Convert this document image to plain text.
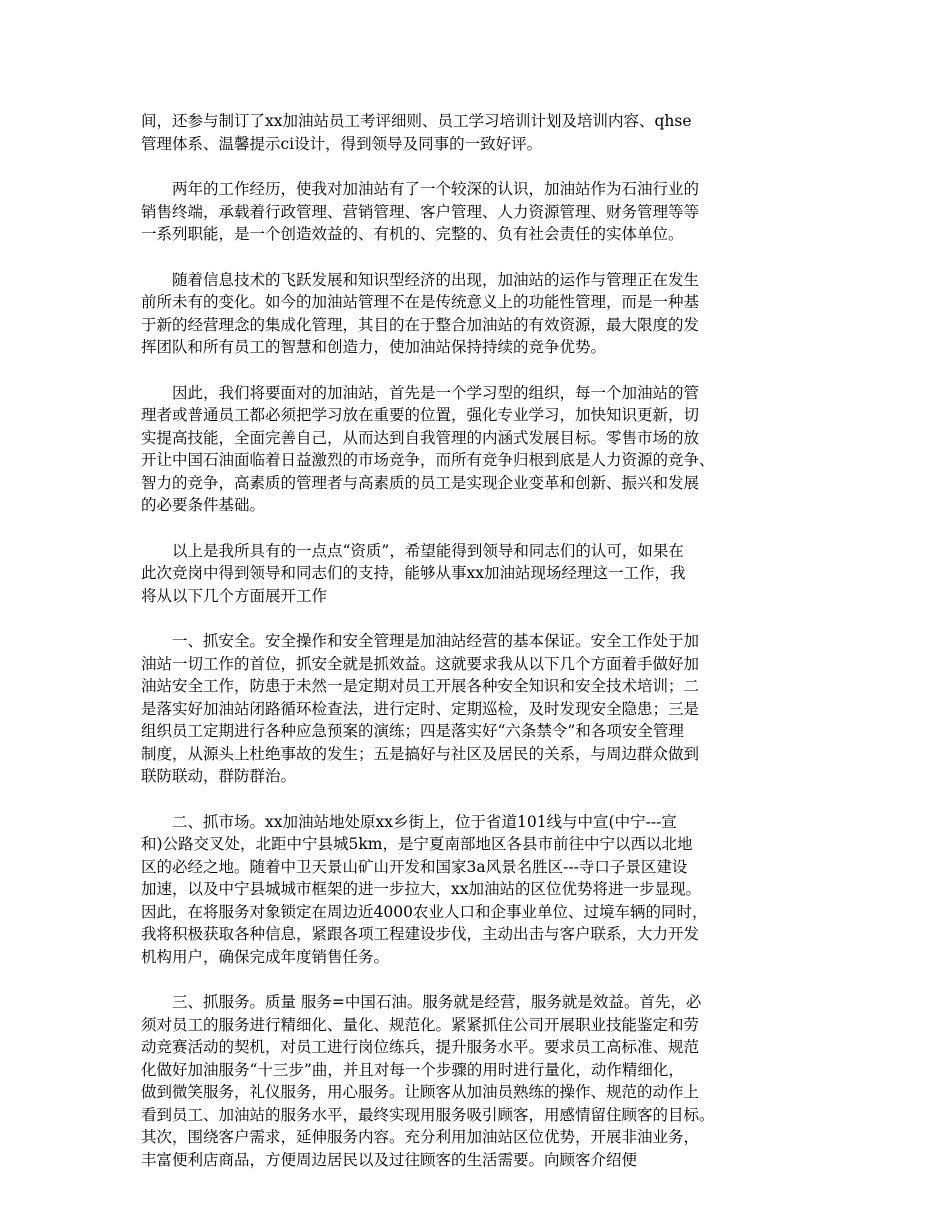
间，还参与制订了xx加油站员工考评细则、员工学习培训计划及培训内容、qhse
管理体系、温馨提示ci设计，得到领导及同事的一致好评。
　　两年的工作经历，使我对加油站有了一个较深的认识，加油站作为石油行业的
销售终端，承载着行政管理、营销管理、客户管理、人力资源管理、财务管理等等
一系列职能，是一个创造效益的、有机的、完整的、负有社会责任的实体单位。
　　随着信息技术的飞跃发展和知识型经济的出现，加油站的运作与管理正在发生
前所未有的变化。如今的加油站管理不在是传统意义上的功能性管理，而是一种基
于新的经营理念的集成化管理，其目的在于整合加油站的有效资源，最大限度的发
挥团队和所有员工的智慧和创造力，使加油站保持持续的竞争优势。
　　因此，我们将要面对的加油站，首先是一个学习型的组织，每一个加油站的管
理者或普通员工都必须把学习放在重要的位置，强化专业学习，加快知识更新，切
实提高技能，全面完善自己，从而达到自我管理的内涵式发展目标。零售市场的放
开让中国石油面临着日益激烈的市场竞争，而所有竞争归根到底是人力资源的竞争、
智力的竞争，高素质的管理者与高素质的员工是实现企业变革和创新、振兴和发展
的必要条件基础。
　　以上是我所具有的一点点“资质”，希望能得到领导和同志们的认可，如果在
此次竞岗中得到领导和同志们的支持，能够从事xx加油站现场经理这一工作，我
将从以下几个方面展开工作
　　一、抓安全。安全操作和安全管理是加油站经营的基本保证。安全工作处于加
油站一切工作的首位，抓安全就是抓效益。这就要求我从以下几个方面着手做好加
油站安全工作，防患于未然一是定期对员工开展各种安全知识和安全技术培训；二
是落实好加油站闭路循环检查法，进行定时、定期巡检，及时发现安全隐患；三是
组织员工定期进行各种应急预案的演练；四是落实好“六条禁令”和各项安全管理
制度，从源头上杜绝事故的发生；五是搞好与社区及居民的关系，与周边群众做到
联防联动，群防群治。
　　二、抓市场。xx加油站地处原xx乡街上，位于省道101线与中宣(中宁---宣
和)公路交叉处，北距中宁县城5km，是宁夏南部地区各县市前往中宁以西以北地
区的必经之地。随着中卫天景山矿山开发和国家3a风景名胜区---寺口子景区建设
加速，以及中宁县城城市框架的进一步拉大，xx加油站的区位优势将进一步显现。
因此，在将服务对象锁定在周边近4000农业人口和企事业单位、过境车辆的同时，
我将积极获取各种信息，紧跟各项工程建设步伐，主动出击与客户联系，大力开发
机构用户，确保完成年度销售任务。
　　三、抓服务。质量 服务=中国石油。服务就是经营，服务就是效益。首先，必
须对员工的服务进行精细化、量化、规范化。紧紧抓住公司开展职业技能鉴定和劳
动竞赛活动的契机，对员工进行岗位练兵，提升服务水平。要求员工高标准、规范
化做好加油服务“十三步”曲，并且对每一个步骤的用时进行量化，动作精细化，
做到微笑服务，礼仪服务，用心服务。让顾客从加油员熟练的操作、规范的动作上
看到员工、加油站的服务水平，最终实现用服务吸引顾客，用感情留住顾客的目标。
其次，围绕客户需求，延伸服务内容。充分利用加油站区位优势，开展非油业务，
丰富便利店商品，方便周边居民以及过往顾客的生活需要。向顾客介绍便
